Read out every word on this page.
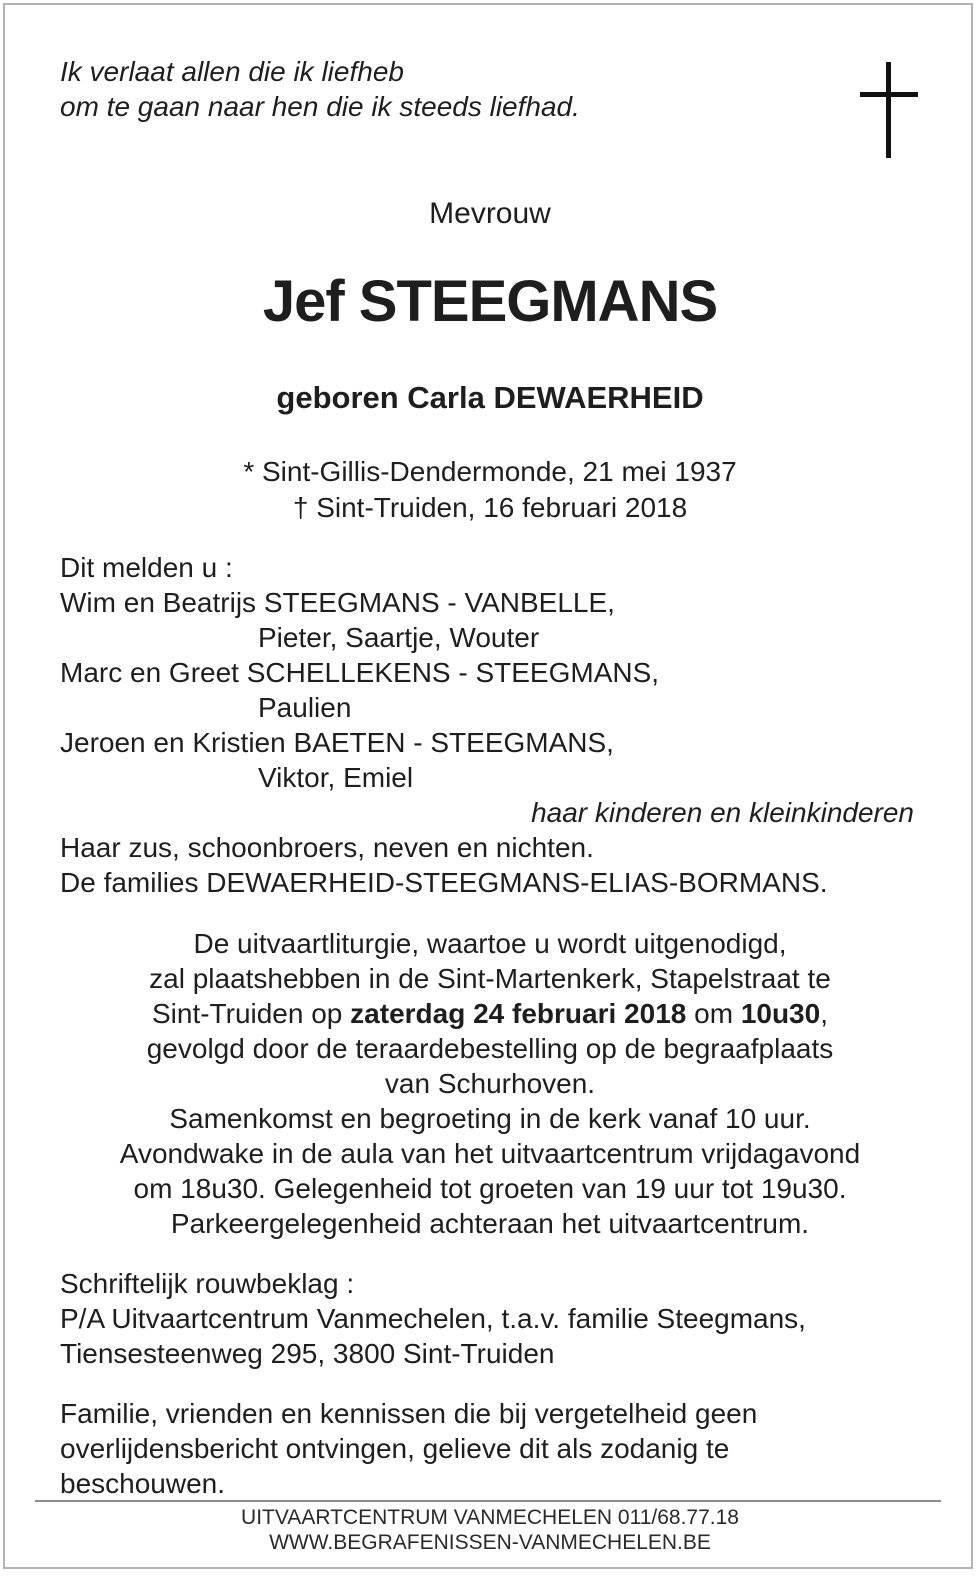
Ik verlaat allen die ik liefheb
om te gaan naar hen die ik steeds liefhad.
Mevrouw
Jef STEEGMANS
geboren Carla DEWAERHEID
* Sint-Gillis-Dendermonde, 21 mei 1937
† Sint-Truiden, 16 februari 2018
Dit melden u :
Wim en Beatrijs STEEGMANS - VANBELLE,
Pieter, Saartje, Wouter
Marc en Greet SCHELLEKENS - STEEGMANS,
Paulien
Jeroen en Kristien BAETEN - STEEGMANS,
Viktor, Emiel
haar kinderen en kleinkinderen
Haar zus, schoonbroers, neven en nichten.
De families DEWAERHEID-STEEGMANS-ELIAS-BORMANS.
De uitvaartliturgie, waartoe u wordt uitgenodigd,
zal plaatshebben in de Sint-Martenkerk, Stapelstraat te
Sint-Truiden op zaterdag 24 februari 2018 om 10u30,
gevolgd door de teraardebestelling op de begraafplaats
van Schurhoven.
Samenkomst en begroeting in de kerk vanaf 10 uur.
Avondwake in de aula van het uitvaartcentrum vrijdagavond
om 18u30. Gelegenheid tot groeten van 19 uur tot 19u30.
Parkeergelegenheid achteraan het uitvaartcentrum.
Schriftelijk rouwbeklag :
P/A Uitvaartcentrum Vanmechelen, t.a.v. familie Steegmans,
Tiensesteenweg 295, 3800 Sint-Truiden
Familie, vrienden en kennissen die bij vergetelheid geen
overlijdensbericht ontvingen, gelieve dit als zodanig te
beschouwen.
UITVAARTCENTRUM VANMECHELEN 011/68.77.18
WWW.BEGRAFENISSEN-VANMECHELEN.BE
